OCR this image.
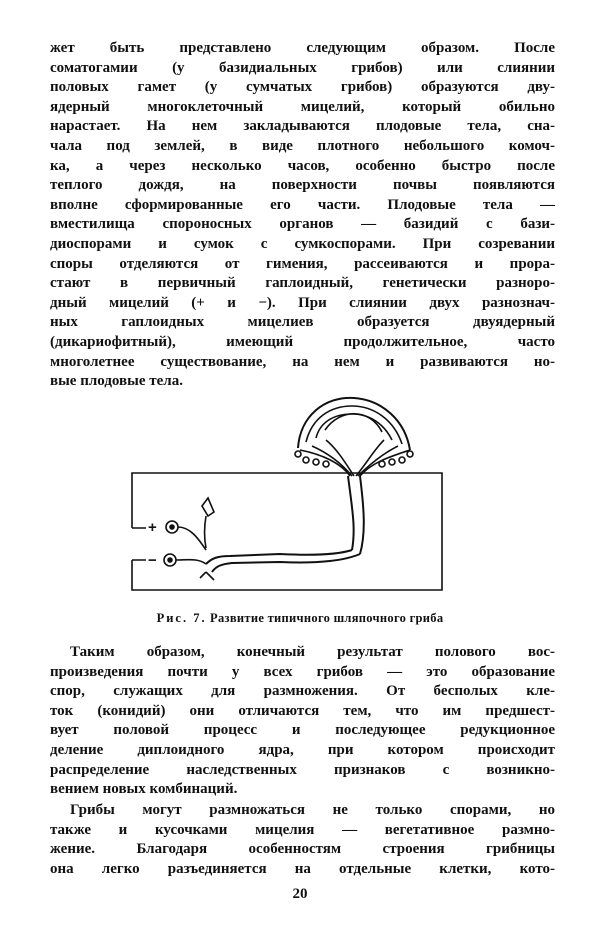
жет быть представлено следующим образом. После
соматогамии (у базидиальных грибов) или слиянии
половых гамет (у сумчатых грибов) образуются дву-
ядерный многоклеточный мицелий, который обильно
нарастает. На нем закладываются плодовые тела, сна-
чала под землей, в виде плотного небольшого комоч-
ка, а через несколько часов, особенно быстро после
теплого дождя, на поверхности почвы появляются
вполне сформированные его части. Плодовые тела —
вместилища спороносных органов — базидий с бази-
диоспорами и сумок с сумкоспорами. При созревании
споры отделяются от гимения, рассеиваются и прора-
стают в первичный гаплоидный, генетически разноро-
дный мицелий (+ и −). При слиянии двух разнознач-
ных гаплоидных мицелиев образуется двуядерный
(дикариофитный), имеющий продолжительное, часто
многолетнее существование, на нем и развиваются но-
вые плодовые тела.
+
−
Рис. 7. Развитие типичного шляпочного гриба
Таким образом, конечный результат полового вос-
произведения почти у всех грибов — это образование
спор, служащих для размножения. От бесполых кле-
ток (конидий) они отличаются тем, что им предшест-
вует половой процесс и последующее редукционное
деление диплоидного ядра, при котором происходит
распределение наследственных признаков с возникно-
вением новых комбинаций.
Грибы могут размножаться не только спорами, но
также и кусочками мицелия — вегетативное размно-
жение. Благодаря особенностям строения грибницы
она легко разъединяется на отдельные клетки, кото-
20
